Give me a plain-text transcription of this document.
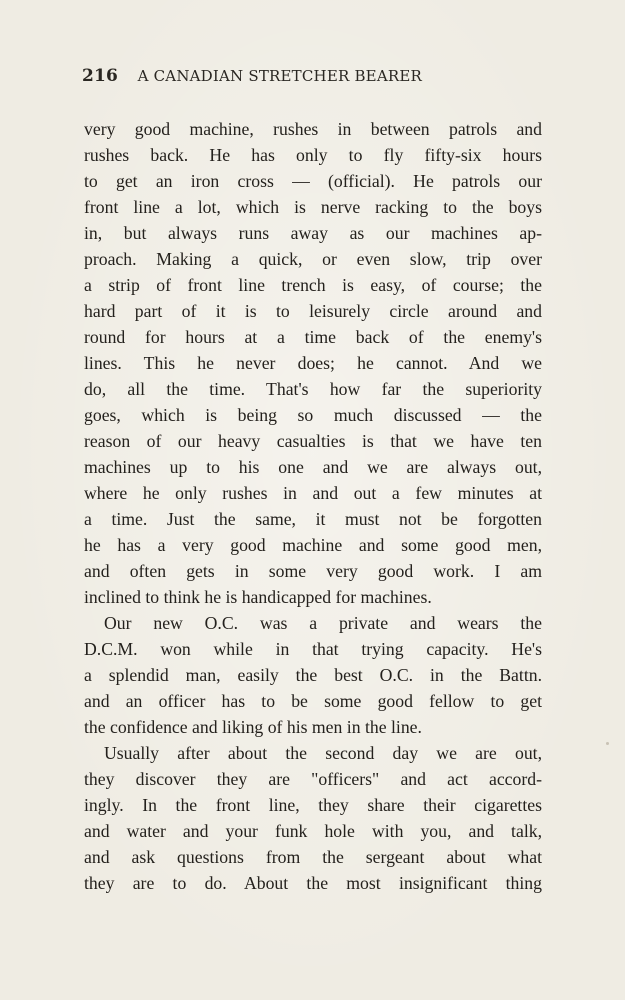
216 A CANADIAN STRETCHER BEARER
very good machine, rushes in between patrols and
rushes back. He has only to fly fifty-six hours
to get an iron cross — (official). He patrols our
front line a lot, which is nerve racking to the boys
in, but always runs away as our machines ap-
proach. Making a quick, or even slow, trip over
a strip of front line trench is easy, of course; the
hard part of it is to leisurely circle around and
round for hours at a time back of the enemy's
lines. This he never does; he cannot. And we
do, all the time. That's how far the superiority
goes, which is being so much discussed — the
reason of our heavy casualties is that we have ten
machines up to his one and we are always out,
where he only rushes in and out a few minutes at
a time. Just the same, it must not be forgotten
he has a very good machine and some good men,
and often gets in some very good work. I am
inclined to think he is handicapped for machines.
Our new O.C. was a private and wears the
D.C.M. won while in that trying capacity. He's
a splendid man, easily the best O.C. in the Battn.
and an officer has to be some good fellow to get
the confidence and liking of his men in the line.
Usually after about the second day we are out,
they discover they are "officers" and act accord-
ingly. In the front line, they share their cigarettes
and water and your funk hole with you, and talk,
and ask questions from the sergeant about what
they are to do. About the most insignificant thing
